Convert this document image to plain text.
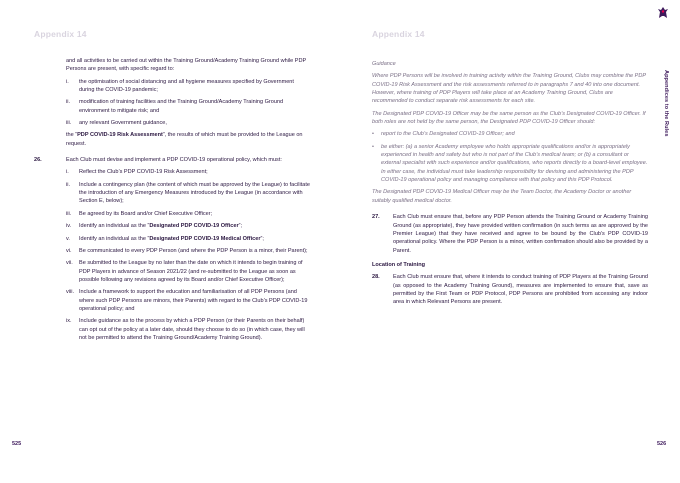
Appendix 14	Appendix 14
Appendices to the Rules

and all activities to be carried out within the Training Ground/Academy Training Ground while PDP Persons are present, with specific regard to:

i.	the optimisation of social distancing and all hygiene measures specified by Government during the COVID-19 pandemic;
ii.	modification of training facilities and the Training Ground/Academy Training Ground environment to mitigate risk; and
iii.	any relevant Government guidance,

the “PDP COVID-19 Risk Assessment”, the results of which must be provided to the League on request.

26.	Each Club must devise and implement a PDP COVID-19 operational policy, which must:
i.	Reflect the Club’s PDP COVID-19 Risk Assessment;
ii.	Include a contingency plan (the content of which must be approved by the League) to facilitate the introduction of any Emergency Measures introduced by the League (in accordance with Section E, below);
iii.	Be agreed by its Board and/or Chief Executive Officer;
iv.	Identify an individual as the “Designated PDP COVID-19 Officer”;
v.	Identify an individual as the “Designated PDP COVID-19 Medical Officer”;
vi.	Be communicated to every PDP Person (and where the PDP Person is a minor, their Parent);
vii.	Be submitted to the League by no later than the date on which it intends to begin training of PDP Players in advance of Season 2021/22 (and re-submitted to the League as soon as possible following any revisions agreed by its Board and/or Chief Executive Officer);
viii. Include a framework to support the education and familiarisation of all PDP Persons (and where such PDP Persons are minors, their Parents) with regard to the Club’s PDP COVID-19 operational policy; and
ix.	Include guidance as to the process by which a PDP Person (or their Parents on their behalf) can opt out of the policy at a later date, should they choose to do so (in which case, they will not be permitted to attend the Training Ground/Academy Training Ground).

Guidance

Where PDP Persons will be involved in training activity within the Training Ground, Clubs may combine the PDP COVID-19 Risk Assessment and the risk assessments referred to in paragraphs 7 and 40 into one document. However, where training of PDP Players will take place at an Academy Training Ground, Clubs are recommended to conduct separate risk assessments for each site.

The Designated PDP COVID-19 Officer may be the same person as the Club’s Designated COVID-19 Officer. If both roles are not held by the same person, the Designated PDP COVID-19 Officer should:

•	report to the Club’s Designated COVID-19 Officer; and
•	be either: (a) a senior Academy employee who holds appropriate qualifications and/or is appropriately experienced in health and safety but who is not part of the Club’s medical team; or (b) a consultant or external specialist with such experience and/or qualifications, who reports directly to a board-level employee. In either case, the individual must take leadership responsibility for devising and administering the PDP COVID-19 operational policy and managing compliance with that policy and this PDP Protocol.

The Designated PDP COVID-19 Medical Officer may be the Team Doctor, the Academy Doctor or another suitably qualified medical doctor.

27.	Each Club must ensure that, before any PDP Person attends the Training Ground or Academy Training Ground (as appropriate), they have provided written confirmation (in such terms as are approved by the Premier League) that they have received and agree to be bound by the Club’s PDP COVID-19 operational policy. Where the PDP Person is a minor, written confirmation should also be provided by a Parent.

Location of Training

28.	Each Club must ensure that, where it intends to conduct training of PDP Players at the Training Ground (as opposed to the Academy Training Ground), measures are implemented to ensure that, save as permitted by the First Team or PDP Protocol, PDP Persons are prohibited from accessing any indoor area in which Relevant Persons are present.
525	526
